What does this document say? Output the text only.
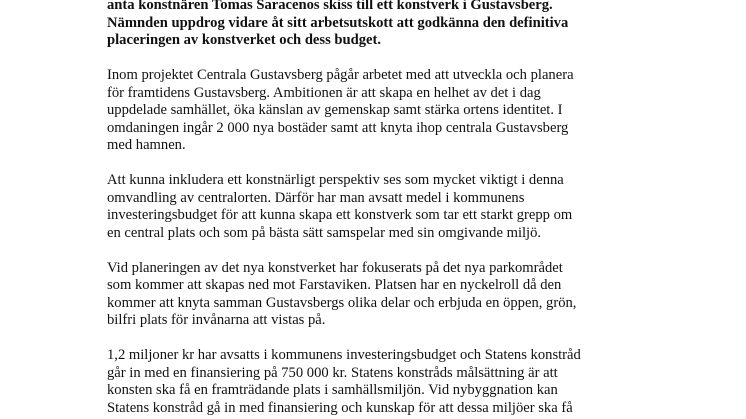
anta konstnären Tomas Saracenos skiss till ett konstverk i Gustavsberg.
Nämnden uppdrog vidare åt sitt arbetsutskott att godkänna den definitiva
placeringen av konstverket och dess budget.

Inom projektet Centrala Gustavsberg pågår arbetet med att utveckla och planera
för framtidens Gustavsberg. Ambitionen är att skapa en helhet av det i dag
uppdelade samhället, öka känslan av gemenskap samt stärka ortens identitet. I
omdaningen ingår 2 000 nya bostäder samt att knyta ihop centrala Gustavsberg
med hamnen.

Att kunna inkludera ett konstnärligt perspektiv ses som mycket viktigt i denna
omvandling av centralorten. Därför har man avsatt medel i kommunens
investeringsbudget för att kunna skapa ett konstverk som tar ett starkt grepp om
en central plats och som på bästa sätt samspelar med sin omgivande miljö.

Vid planeringen av det nya konstverket har fokuserats på det nya parkområdet
som kommer att skapas ned mot Farstaviken. Platsen har en nyckelroll då den
kommer att knyta samman Gustavsbergs olika delar och erbjuda en öppen, grön,
bilfri plats för invånarna att vistas på.

1,2 miljoner kr har avsatts i kommunens investeringsbudget och Statens konstråd
går in med en finansiering på 750 000 kr. Statens konstråds målsättning är att
konsten ska få en framträdande plats i samhällsmiljön. Vid nybyggnation kan
Statens konstråd gå in med finansiering och kunskap för att dessa miljöer ska få
